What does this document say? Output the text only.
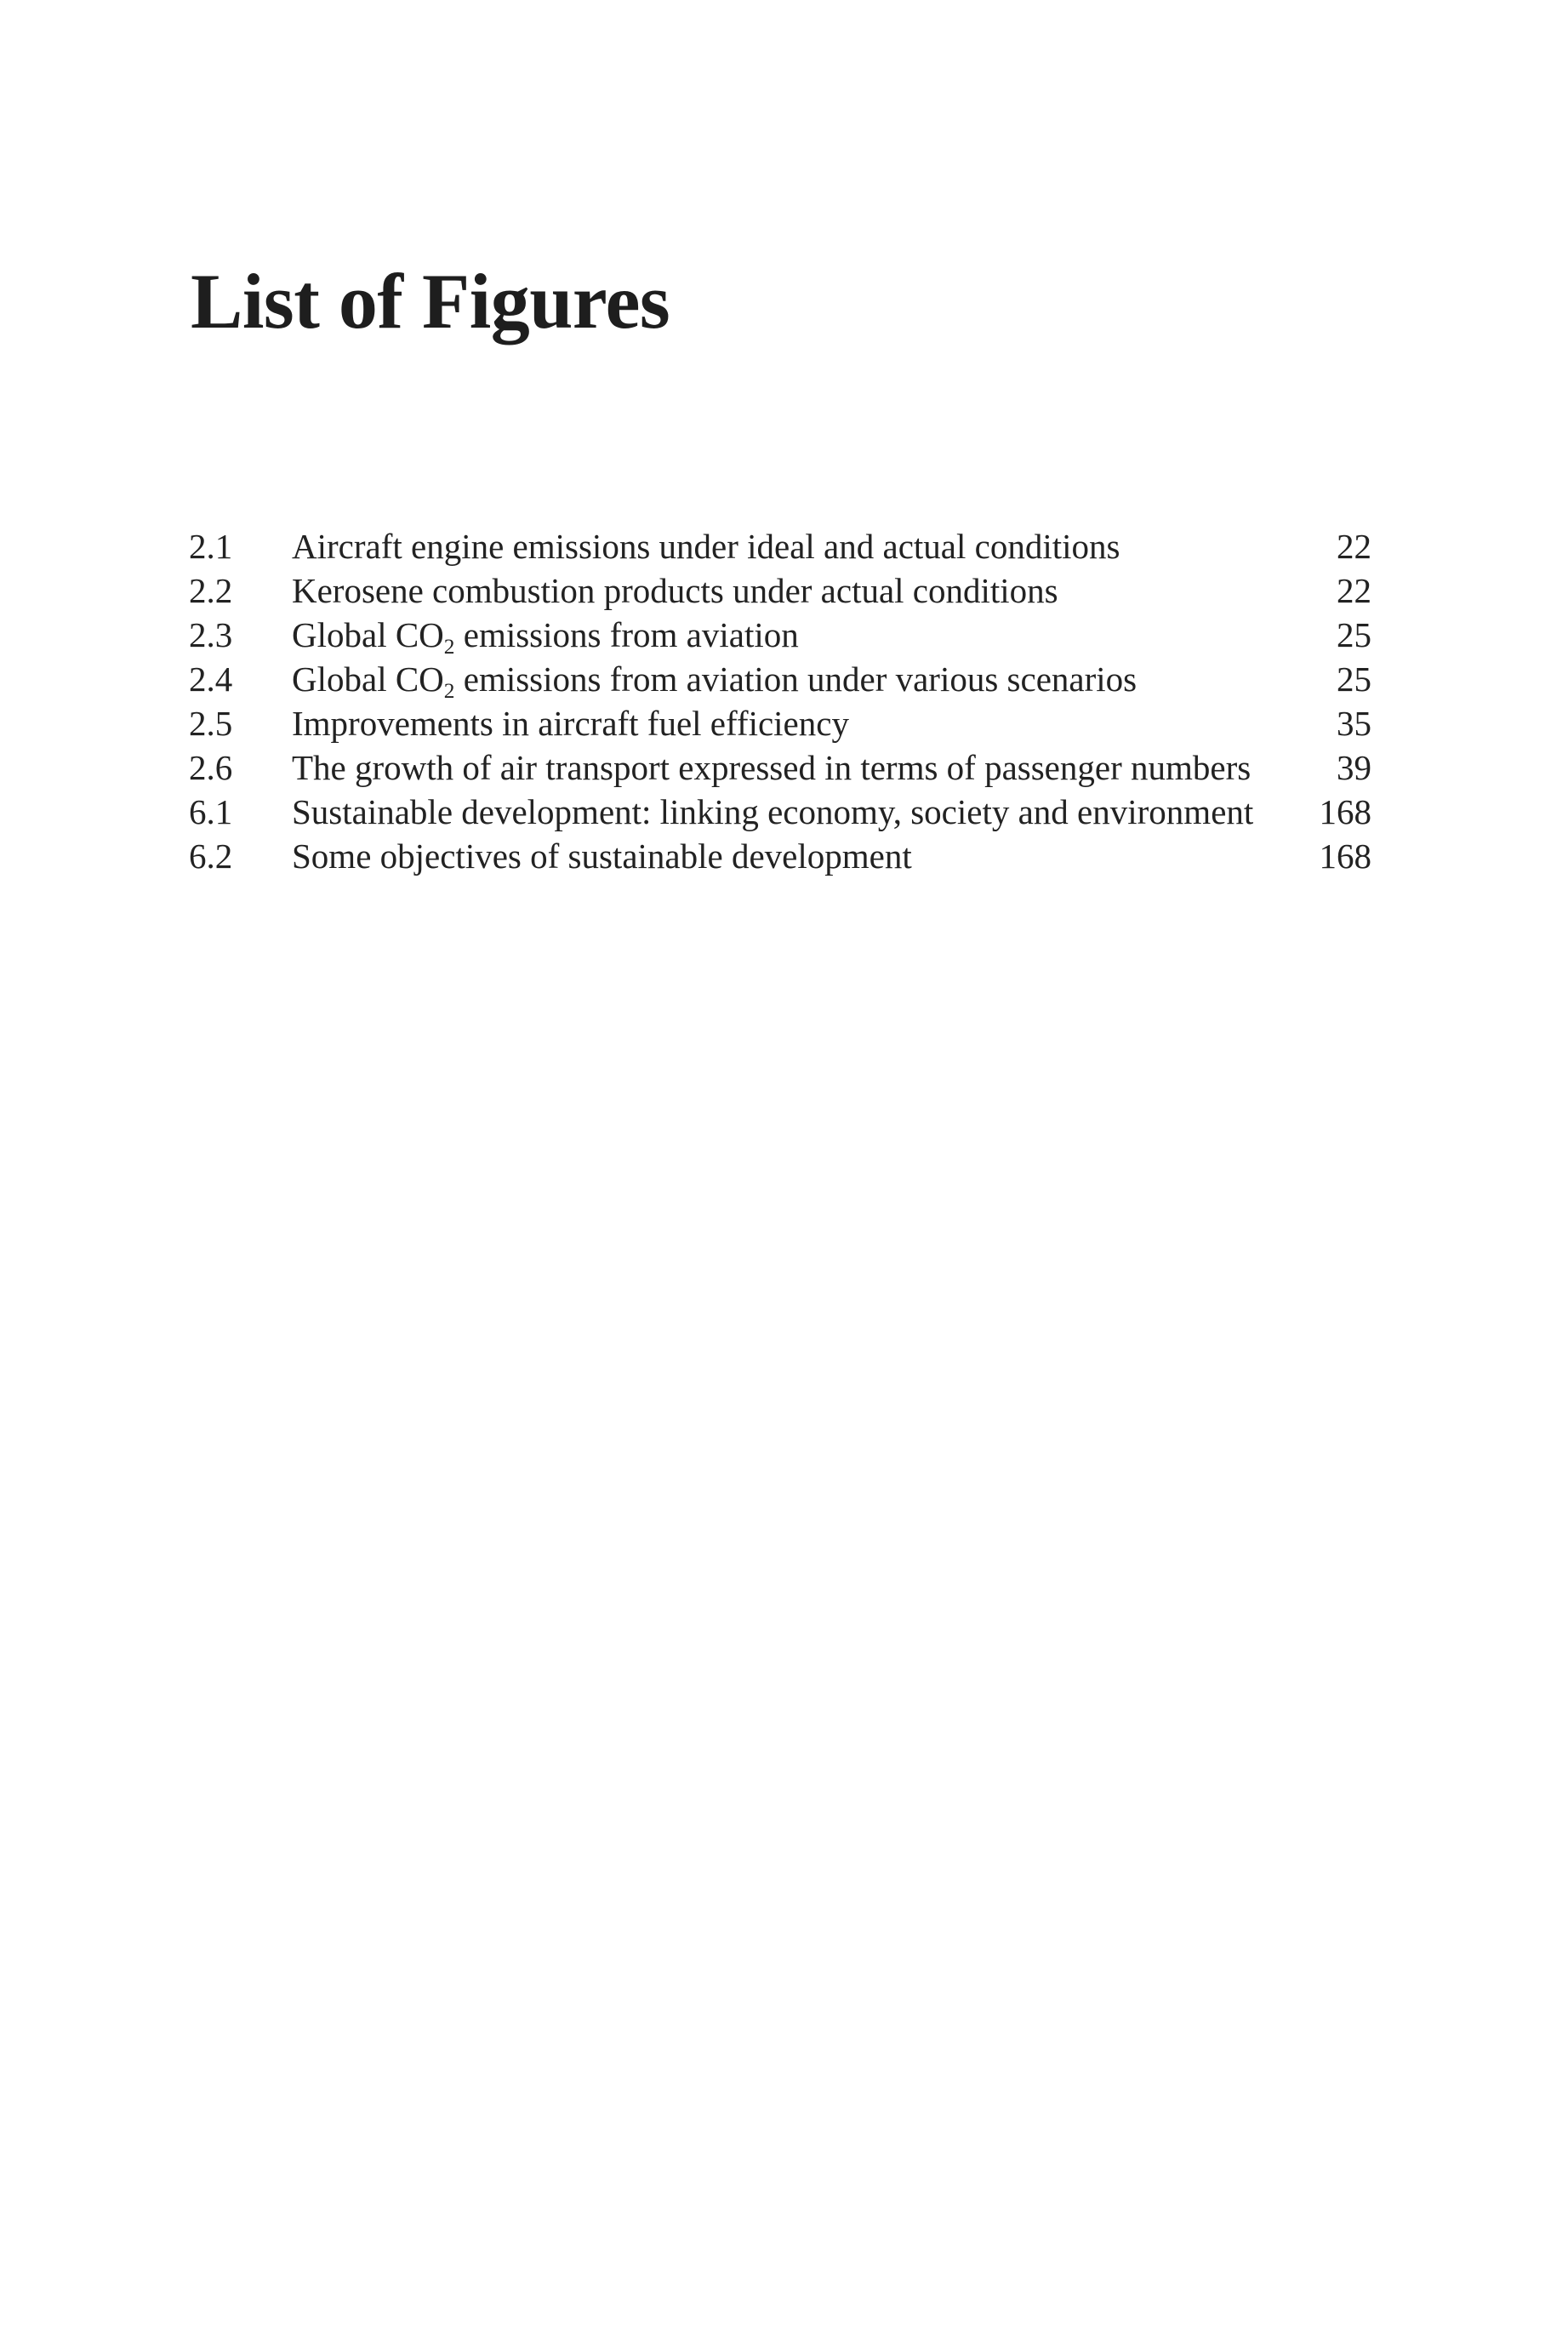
List of Figures
2.1	Aircraft engine emissions under ideal and actual conditions	22
2.2	Kerosene combustion products under actual conditions	22
2.3	Global $CO_2$ emissions from aviation	25
2.4	Global $CO_2$ emissions from aviation under various scenarios	25
2.5	Improvements in aircraft fuel efficiency	35
2.6	The growth of air transport expressed in terms of passenger numbers	39
6.1	Sustainable development: linking economy, society and environment	168
6.2	Some objectives of sustainable development	168
